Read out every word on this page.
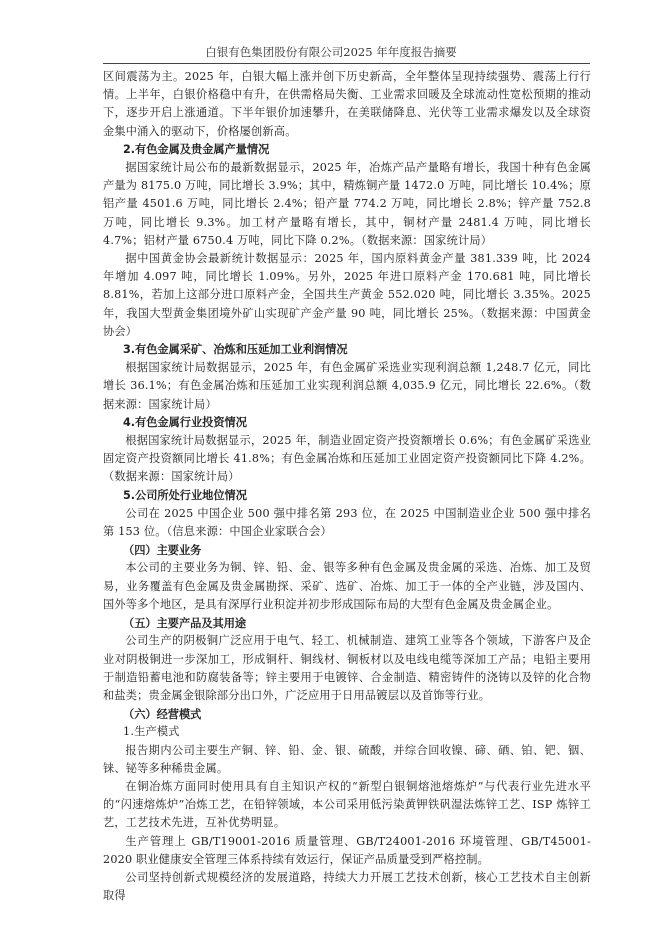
白银有色集团股份有限公司2025 年年度报告摘要

区间震荡为主。2025 年，白银大幅上涨并创下历史新高，全年整体呈现持续强势、震荡上行行情。上半年，白银价格稳中有升，在供需格局失衡、工业需求回暖及全球流动性宽松预期的推动下，逐步开启上涨通道。下半年银价加速攀升，在美联储降息、光伏等工业需求爆发以及全球资金集中涌入的驱动下，价格屡创新高。

2.有色金属及贵金属产量情况

据国家统计局公布的最新数据显示，2025 年，冶炼产品产量略有增长，我国十种有色金属产量为 8175.0 万吨，同比增长 3.9%；其中，精炼铜产量 1472.0 万吨，同比增长 10.4%；原铝产量 4501.6 万吨，同比增长 2.4%；铅产量 774.2 万吨，同比增长 2.8%；锌产量 752.8 万吨，同比增长 9.3%。加工材产量略有增长，其中，铜材产量 2481.4 万吨，同比增长 4.7%；铝材产量 6750.4 万吨，同比下降 0.2%。（数据来源：国家统计局）

据中国黄金协会最新统计数据显示：2025 年，国内原料黄金产量 381.339 吨，比 2024 年增加 4.097 吨，同比增长 1.09%。另外，2025 年进口原料产金 170.681 吨，同比增长 8.81%，若加上这部分进口原料产金，全国共生产黄金 552.020 吨，同比增长 3.35%。2025 年，我国大型黄金集团境外矿山实现矿产金产量 90 吨，同比增长 25%。（数据来源：中国黄金协会）

3.有色金属采矿、冶炼和压延加工业利润情况

根据国家统计局数据显示，2025 年，有色金属矿采选业实现利润总额 1,248.7 亿元，同比增长 36.1%；有色金属冶炼和压延加工业实现利润总额 4,035.9 亿元，同比增长 22.6%。（数据来源：国家统计局）

4.有色金属行业投资情况

根据国家统计局数据显示，2025 年，制造业固定资产投资额增长 0.6%；有色金属矿采选业固定资产投资额同比增长 41.8%；有色金属冶炼和压延加工业固定资产投资额同比下降 4.2%。（数据来源：国家统计局）

5.公司所处行业地位情况

公司在 2025 中国企业 500 强中排名第 293 位，在 2025 中国制造业企业 500 强中排名第 153 位。（信息来源：中国企业家联合会）

（四）主要业务

本公司的主要业务为铜、锌、铅、金、银等多种有色金属及贵金属的采选、冶炼、加工及贸易，业务覆盖有色金属及贵金属勘探、采矿、选矿、冶炼、加工于一体的全产业链，涉及国内、国外等多个地区，是具有深厚行业积淀并初步形成国际布局的大型有色金属及贵金属企业。

（五）主要产品及其用途

公司生产的阴极铜广泛应用于电气、轻工、机械制造、建筑工业等各个领域，下游客户及企业对阴极铜进一步深加工，形成铜杆、铜线材、铜板材以及电线电缆等深加工产品；电铅主要用于制造铅蓄电池和防腐装备等；锌主要用于电镀锌、合金制造、精密铸件的浇铸以及锌的化合物和盐类；贵金属金银除部分出口外，广泛应用于日用品镀层以及首饰等行业。

（六）经营模式

1.生产模式

报告期内公司主要生产铜、锌、铅、金、银、硫酸，并综合回收镍、碲、硒、铂、钯、铟、铼、铋等多种稀贵金属。

在铜冶炼方面同时使用具有自主知识产权的“新型白银铜熔池熔炼炉”与代表行业先进水平的“闪速熔炼炉”冶炼工艺，在铅锌领域，本公司采用低污染黄钾铁矾湿法炼锌工艺、ISP 炼锌工艺，工艺技术先进，互补优势明显。

生产管理上 GB/T19001-2016 质量管理、GB/T24001-2016 环境管理、GB/T45001-2020 职业健康安全管理三体系持续有效运行，保证产品质量受到严格控制。

公司坚持创新式规模经济的发展道路，持续大力开展工艺技术创新，核心工艺技术自主创新取得
